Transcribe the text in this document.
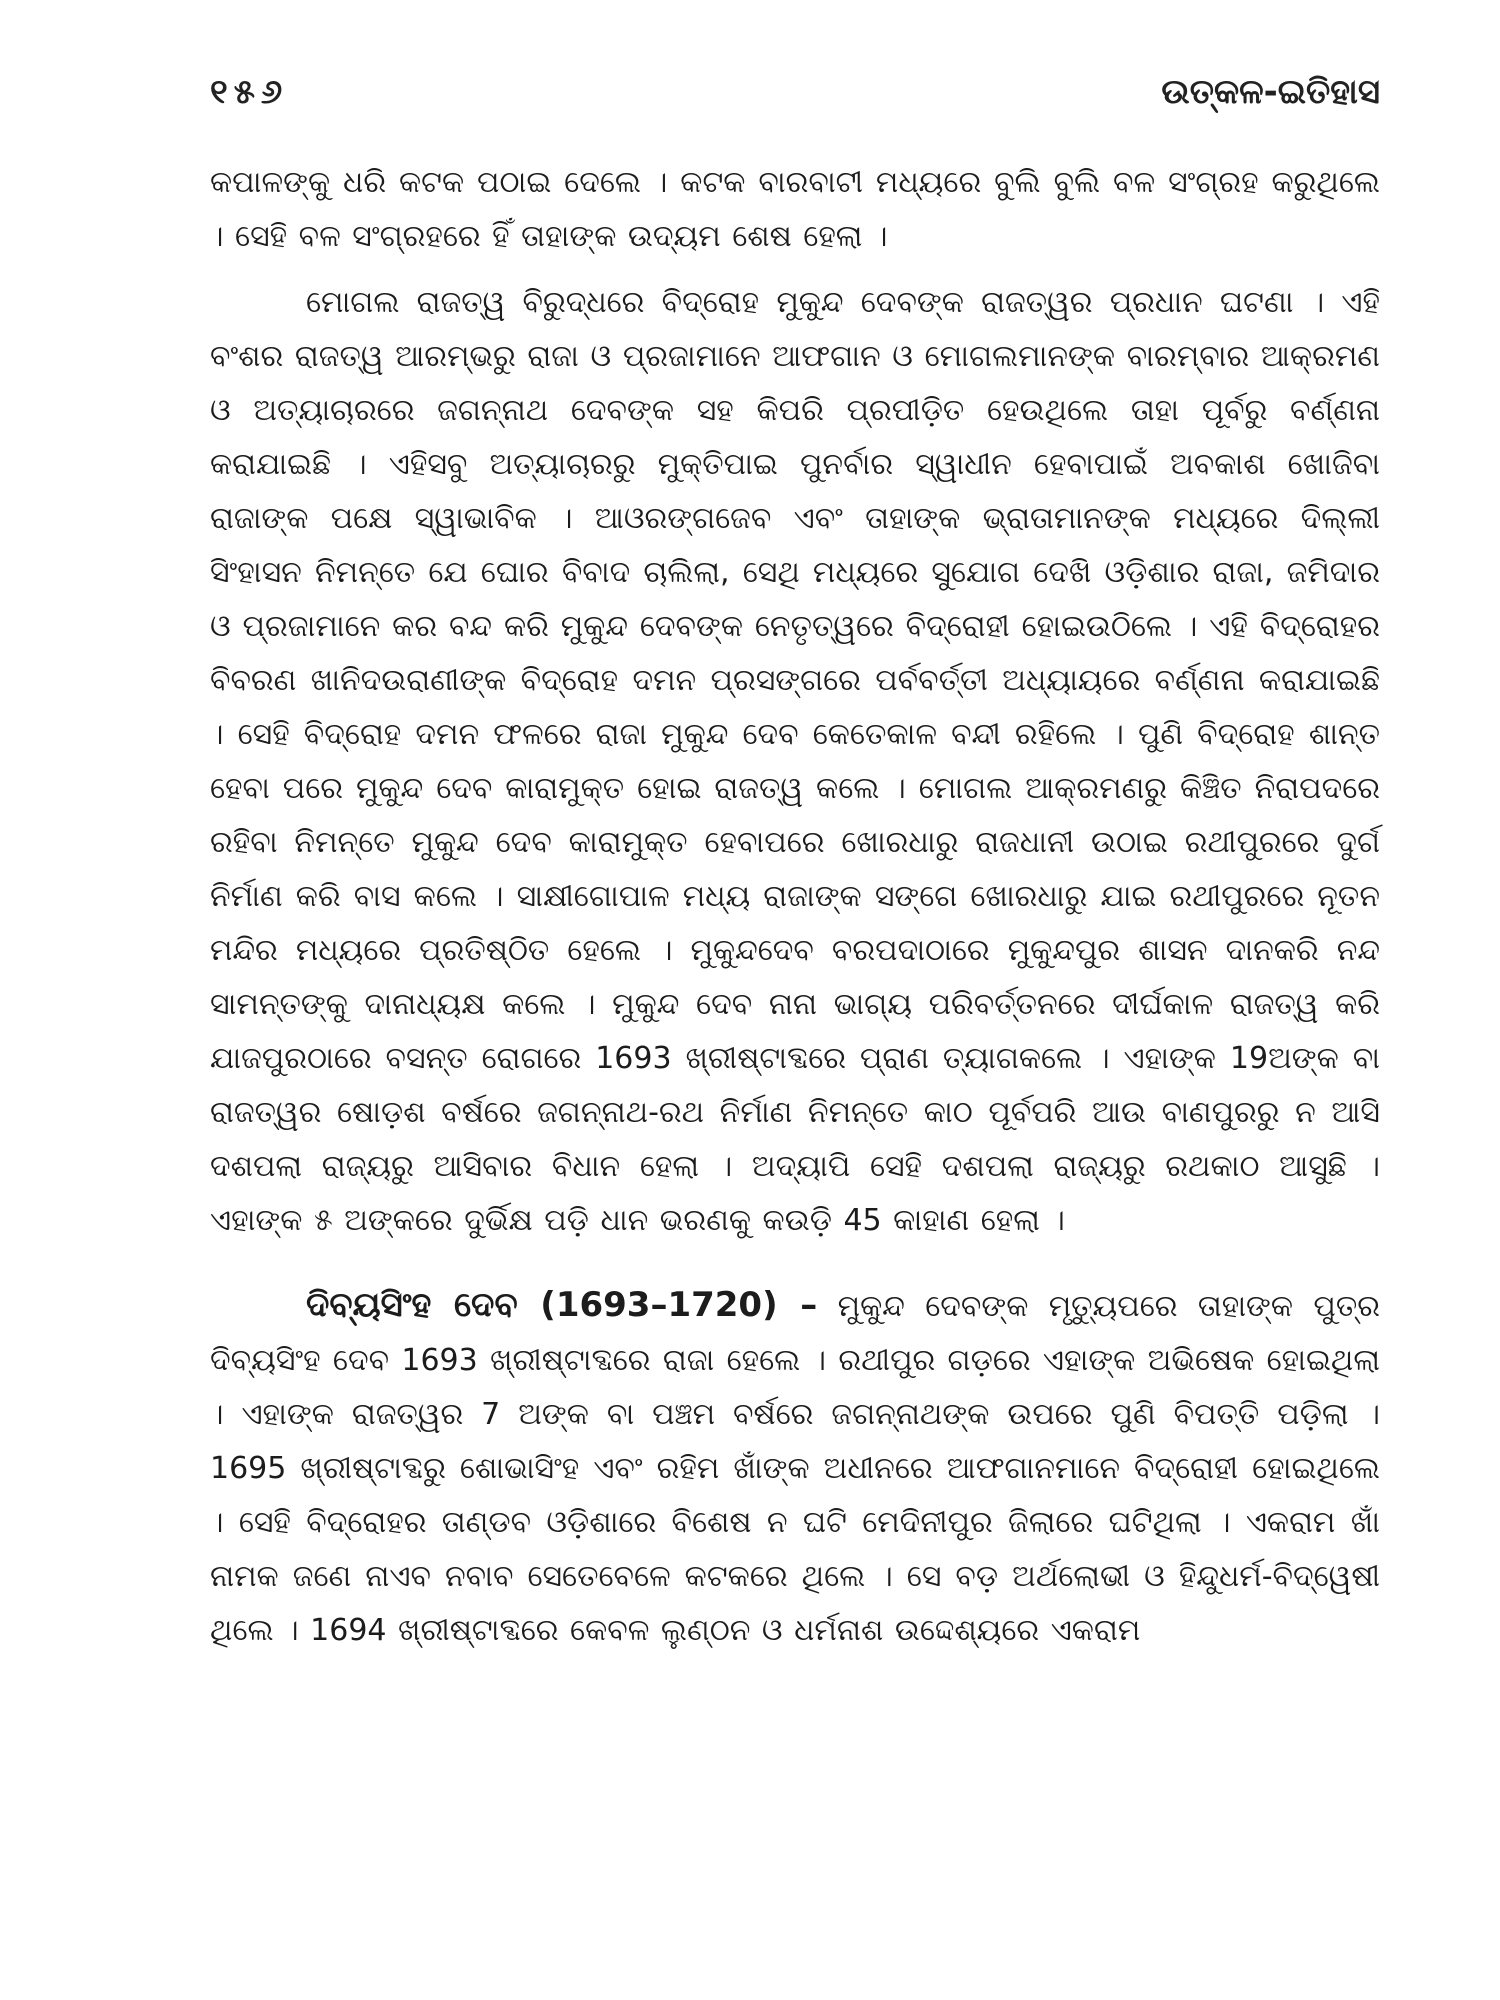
୧୫୬	ଉତ୍କଳ-ଇତିହାସ

କପାଳଙ୍କୁ ଧରି କଟକ ପଠାଇ ଦେଲେ । କଟକ ବାରବାଟୀ ମଧ୍ୟରେ ବୁଲି ବୁଲି ବଳ ସଂଗ୍ରହ କରୁଥିଲେ । ସେହି ବଳ ସଂଗ୍ରହରେ ହିଁ ତାହାଙ୍କ ଉଦ୍ୟମ ଶେଷ ହେଲା ।

ମୋଗଲ ରାଜତ୍ୱ ବିରୁଦ୍ଧରେ ବିଦ୍ରୋହ ମୁକୁନ୍ଦ ଦେବଙ୍କ ରାଜତ୍ୱର ପ୍ରଧାନ ଘଟଣା । ଏହି ବଂଶର ରାଜତ୍ୱ ଆରମ୍ଭରୁ ରାଜା ଓ ପ୍ରଜାମାନେ ଆଫଗାନ ଓ ମୋଗଲମାନଙ୍କ ବାରମ୍ବାର ଆକ୍ରମଣ ଓ ଅତ୍ୟାଚାରରେ ଜଗନ୍ନାଥ ଦେବଙ୍କ ସହ କିପରି ପ୍ରପୀଡ଼ିତ ହେଉଥିଲେ ତାହା ପୂର୍ବରୁ ବର୍ଣ୍ଣନା କରାଯାଇଛି । ଏହିସବୁ ଅତ୍ୟାଚାରରୁ ମୁକ୍ତିପାଇ ପୁନର୍ବାର ସ୍ୱାଧୀନ ହେବାପାଇଁ ଅବକାଶ ଖୋଜିବା ରାଜାଙ୍କ ପକ୍ଷେ ସ୍ୱାଭାବିକ । ଆଓରଙ୍ଗଜେବ ଏବଂ ତାହାଙ୍କ ଭ୍ରାତାମାନଙ୍କ ମଧ୍ୟରେ ଦିଲ୍ଲୀ ସିଂହାସନ ନିମନ୍ତେ ଯେ ଘୋର ବିବାଦ ଚାଲିଲା, ସେଥି ମଧ୍ୟରେ ସୁଯୋଗ ଦେଖି ଓଡ଼ିଶାର ରାଜା, ଜମିଦାର ଓ ପ୍ରଜାମାନେ କର ବନ୍ଦ କରି ମୁକୁନ୍ଦ ଦେବଙ୍କ ନେତୃତ୍ୱରେ ବିଦ୍ରୋହୀ ହୋଇଉଠିଲେ । ଏହି ବିଦ୍ରୋହର ବିବରଣ ଖାନିଦଉରାଣୀଙ୍କ ବିଦ୍ରୋହ ଦମନ ପ୍ରସଙ୍ଗରେ ପର୍ବବର୍ତ୍ତୀ ଅଧ୍ୟାୟରେ ବର୍ଣ୍ଣନା କରାଯାଇଛି । ସେହି ବିଦ୍ରୋହ ଦମନ ଫଳରେ ରାଜା ମୁକୁନ୍ଦ ଦେବ କେତେକାଳ ବନ୍ଦୀ ରହିଲେ । ପୁଣି ବିଦ୍ରୋହ ଶାନ୍ତ ହେବା ପରେ ମୁକୁନ୍ଦ ଦେବ କାରାମୁକ୍ତ ହୋଇ ରାଜତ୍ୱ କଲେ । ମୋଗଲ ଆକ୍ରମଣରୁ କିଞ୍ଚିତ ନିରାପଦରେ ରହିବା ନିମନ୍ତେ ମୁକୁନ୍ଦ ଦେବ କାରାମୁକ୍ତ ହେବାପରେ ଖୋରଧାରୁ ରାଜଧାନୀ ଉଠାଇ ରଥୀପୁରରେ ଦୁର୍ଗ ନିର୍ମାଣ କରି ବାସ କଲେ । ସାକ୍ଷୀଗୋପାଳ ମଧ୍ୟ ରାଜାଙ୍କ ସଙ୍ଗେ ଖୋରଧାରୁ ଯାଇ ରଥୀପୁରରେ ନୂତନ ମନ୍ଦିର ମଧ୍ୟରେ ପ୍ରତିଷ୍ଠିତ ହେଲେ । ମୁକୁନ୍ଦଦେବ ବରପଦାଠାରେ ମୁକୁନ୍ଦପୁର ଶାସନ ଦାନକରି ନନ୍ଦ ସାମନ୍ତଙ୍କୁ ଦାନାଧ୍ୟକ୍ଷ କଲେ । ମୁକୁନ୍ଦ ଦେବ ନାନା ଭାଗ୍ୟ ପରିବର୍ତ୍ତନରେ ଦୀର୍ଘକାଳ ରାଜତ୍ୱ କରି ଯାଜପୁରଠାରେ ବସନ୍ତ ରୋଗରେ 1693 ଖ୍ରୀଷ୍ଟାବ୍ଦରେ ପ୍ରାଣ ତ୍ୟାଗକଲେ । ଏହାଙ୍କ 19ଅଙ୍କ ବା ରାଜତ୍ୱର ଷୋଡ଼ଶ ବର୍ଷରେ ଜଗନ୍ନାଥ-ରଥ ନିର୍ମାଣ ନିମନ୍ତେ କାଠ ପୂର୍ବପରି ଆଉ ବାଣପୁରରୁ ନ ଆସି ଦଶପଲା ରାଜ୍ୟରୁ ଆସିବାର ବିଧାନ ହେଲା । ଅଦ୍ୟାପି ସେହି ଦଶପଲା ରାଜ୍ୟରୁ ରଥକାଠ ଆସୁଛି । ଏହାଙ୍କ ୫ ଅଙ୍କରେ ଦୁର୍ଭିକ୍ଷ ପଡ଼ି ଧାନ ଭରଣକୁ କଉଡ଼ି 45 କାହାଣ ହେଲା ।

ଦିବ୍ୟସିଂହ ଦେବ (1693–1720) – ମୁକୁନ୍ଦ ଦେବଙ୍କ ମୃତ୍ୟୁପରେ ତାହାଙ୍କ ପୁତ୍ର ଦିବ୍ୟସିଂହ ଦେବ 1693 ଖ୍ରୀଷ୍ଟାବ୍ଦରେ ରାଜା ହେଲେ । ରଥୀପୁର ଗଡ଼ରେ ଏହାଙ୍କ ଅଭିଷେକ ହୋଇଥିଲା । ଏହାଙ୍କ ରାଜତ୍ୱର 7 ଅଙ୍କ ବା ପଞ୍ଚମ ବର୍ଷରେ ଜଗନ୍ନାଥଙ୍କ ଉପରେ ପୁଣି ବିପତ୍ତି ପଡ଼ିଲା । 1695 ଖ୍ରୀଷ୍ଟାବ୍ଦରୁ ଶୋଭାସିଂହ ଏବଂ ରହିମ ଖାଁଙ୍କ ଅଧୀନରେ ଆଫଗାନମାନେ ବିଦ୍ରୋହୀ ହୋଇଥିଲେ । ସେହି ବିଦ୍ରୋହର ତାଣ୍ଡବ ଓଡ଼ିଶାରେ ବିଶେଷ ନ ଘଟି ମେଦିନୀପୁର ଜିଲାରେ ଘଟିଥିଲା । ଏକରାମ ଖାଁ ନାମକ ଜଣେ ନାଏବ ନବାବ ସେତେବେଳେ କଟକରେ ଥିଲେ । ସେ ବଡ଼ ଅର୍ଥଲୋଭୀ ଓ ହିନ୍ଦୁଧର୍ମ-ବିଦ୍ୱେଷୀ ଥିଲେ । 1694 ଖ୍ରୀଷ୍ଟାବ୍ଦରେ କେବଳ ଲୁଣ୍ଠନ ଓ ଧର୍ମନାଶ ଉଦ୍ଦେଶ୍ୟରେ ଏକରାମ
